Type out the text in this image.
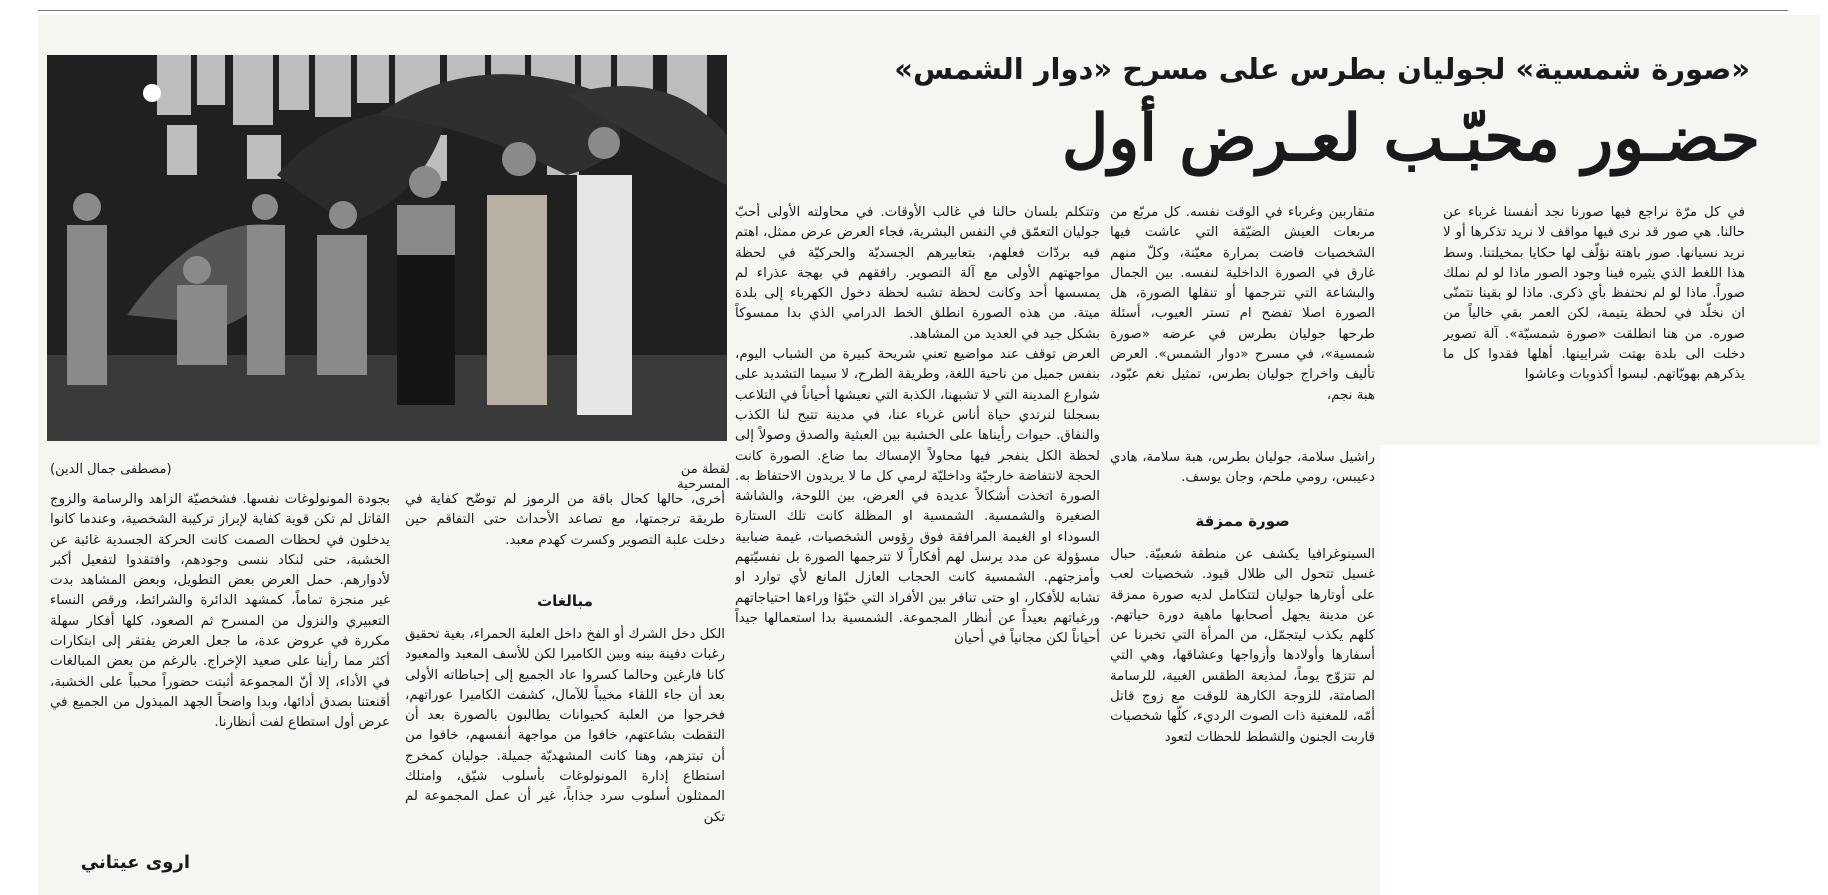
لقطة من المسرحية
(مصطفى جمال الدين)
«صورة شمسية» لجوليان بطرس على مسرح «دوار الشمس»
حضـور محبّـب لعـرض أول
في كل مرّة نراجع فيها صورنا نجد أنفسنا غرباء عن حالنا. هي صور قد نرى فيها مواقف لا نريد تذكرها أو لا نريد نسيانها. صور باهتة نؤلّف لها حكايا بمخيلتنا. وسط هذا اللغط الذي يثيره فينا وجود الصور ماذا لو لم نملك صوراً. ماذا لو لم نحتفظ بأي ذكرى. ماذا لو بقينا نتمنّى ان نخلّد في لحظة يتيمة، لكن العمر بقي خالياً من صوره. من هنا انطلقت «صورة شمسيّة». آلة تصوير دخلت الى بلدة بهتت شرايينها. أهلها فقدوا كل ما يذكرهم بهويّاتهم. لبسوا أكذوبات وعاشوا
متقاربين وغرباء في الوقت نفسه. كل مربّع من مربعات العيش الضيّقة التي عاشت فيها الشخصيات فاضت بمرارة معيّنة، وكلّ منهم غارق في الصورة الداخلية لنفسه. بين الجمال والبشاعة التي تترجمها أو تنقلها الصورة، هل الصورة اصلا تفضح ام تستر العيوب، أسئلة طرحها جوليان بطرس في عرضه «صورة شمسية»، في مسرح «دوار الشمس». العرض تأليف واخراج جوليان بطرس، تمثيل نغم عبّود، هبة نجم،
راشيل سلامة، جوليان بطرس، هبة سلامة، هادي دعيبس، رومي ملحم، وجان يوسف.
صورة ممزقة
السينوغرافيا يكشف عن منطقة شعبيّة. حبال غسيل تتحول الى ظلال قيود. شخصيات لعب على أوتارها جوليان لتتكامل لديه صورة ممزقة عن مدينة يجهل أصحابها ماهية دورة حياتهم. كلهم يكذب ليتجمّل، من المرأة التي تخبرنا عن أسفارها وأولادها وأزواجها وعشاقها، وهي التي لم تتزوّج يوماً، لمذيعة الطقس الغبية، للرسامة الصامتة، للزوجة الكارهة للوقت مع زوج قاتل أمّه، للمغنية ذات الصوت الرديء، كلّها شخصيات قاربت الجنون والشطط للحظات لتعود
وتتكلم بلسان حالنا في غالب الأوقات. في محاولته الأولى أحبّ جوليان التعمّق في النفس البشرية، فجاء العرض عرض ممثل، اهتم فيه بردّات فعلهم، بتعابيرهم الجسديّة والحركيّة في لحظة مواجهتهم الأولى مع آلة التصوير. رافقهم في بهجة عذراء لم يمسسها أحد وكانت لحظة تشبه لحظة دخول الكهرباء إلى بلدة ميتة. من هذه الصورة انطلق الخط الدرامي الذي بدا ممسوكاً بشكل جيد في العديد من المشاهد.
العرض توقف عند مواضيع تعني شريحة كبيرة من الشباب اليوم، بنفس جميل من ناحية اللغة، وطريقة الطرح، لا سيما التشديد على شوارع المدينة التي لا تشبهنا، الكذبة التي نعيشها أحياناً في التلاعب بسجلنا لنرتدي حياة أناس غرباء عنا، في مدينة تتيح لنا الكذب والنفاق. حيوات رأيناها على الخشبة بين العبثية والصدق وصولاً إلى لحظة الكل ينفجر فيها محاولاً الإمساك بما ضاع. الصورة كانت الحجة لانتفاضة خارجيّة وداخليّة لرمي كل ما لا يريدون الاحتفاظ به. الصورة اتخذت أشكالاً عديدة في العرض، بين اللوحة، والشاشة الصغيرة والشمسية. الشمسية او المظلة كانت تلك الستارة السوداء او الغيمة المرافقة فوق رؤوس الشخصيات، غيمة ضبابية مسؤولة عن مدد يرسل لهم أفكاراً لا تترجمها الصورة بل نفسيّتهم وأمزجتهم. الشمسية كانت الحجاب العازل المانع لأي توارد او تشابه للأفكار، او حتى تنافر بين الأفراد التي خبّؤا وراءها احتياجاتهم ورغباتهم بعيداً عن أنظار المجموعة. الشمسية بدا استعمالها جيداً أحياناً لكن مجانياً في أحيان
أخرى، حالها كحال باقة من الرموز لم توضّح كفاية في طريقة ترجمتها، مع تصاعد الأحداث حتى التفاقم حين دخلت علبة التصوير وكسرت كهدم معبد.
مبالغات
الكل دخل الشرك أو الفخ داخل العلبة الحمراء، بغية تحقيق رغبات دفينة بينه وبين الكاميرا لكن للأسف المعبد والمعبود كانا فارغين وحالما كسروا عاد الجميع إلى إحباطاته الأولى بعد أن جاء اللقاء مخيباً للآمال، كشفت الكاميرا عوراتهم، فخرجوا من العلبة كحيوانات يطالبون بالصورة بعد أن التقطت بشاعتهم، خافوا من مواجهة أنفسهم، خافوا من أن تبتزهم، وهنا كانت المشهديّة جميلة. جوليان كمخرج استطاع إدارة المونولوغات بأسلوب شيّق، وامتلك الممثلون أسلوب سرد جذاباً، غير أن عمل المجموعة لم تكن
بجودة المونولوغات نفسها. فشخصيّة الزاهد والرسامة والزوج القاتل لم تكن قوية كفاية لإبراز تركيبة الشخصية، وعندما كانوا يدخلون في لحظات الصمت كانت الحركة الجسدية غائبة عن الخشبة، حتى لنكاد ننسى وجودهم، وافتقدوا لتفعيل أكبر لأدوارهم. حمل العرض بعض التطويل، وبعض المشاهد بدت غير منجزة تماماً، كمشهد الدائرة والشرائط، ورقص النساء التعبيري والنزول من المسرح ثم الصعود، كلها أفكار سهلة مكررة في عروض عدة، ما جعل العرض يفتقر إلى ابتكارات أكثر مما رأينا على صعيد الإخراج. بالرغم من بعض المبالغات في الأداء، إلا أنّ المجموعة أثبتت حضوراً محبباً على الخشبة، أقنعتنا بصدق أدائها، وبدا واضحاً الجهد المبذول من الجميع في عرض أول استطاع لفت أنظارنا.
اروى عيتاني
